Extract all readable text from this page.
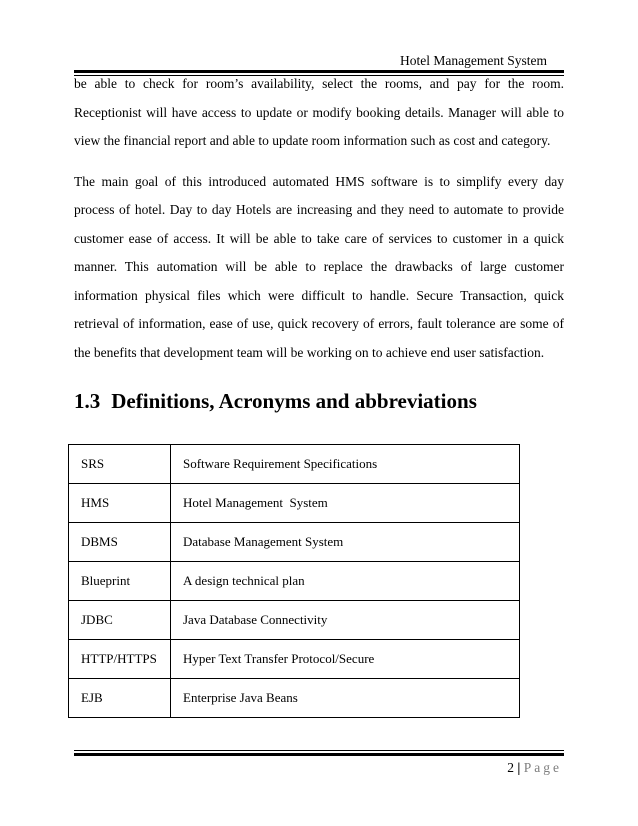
Hotel Management System

be able to check for room’s availability, select the rooms, and pay for the room. Receptionist will have access to update or modify booking details. Manager will able to view the financial report and able to update room information such as cost and category.

The main goal of this introduced automated HMS software is to simplify every day process of hotel. Day to day Hotels are increasing and they need to automate to provide customer ease of access. It will be able to take care of services to customer in a quick manner. This automation will be able to replace the drawbacks of large customer information physical files which were difficult to handle. Secure Transaction, quick retrieval of information, ease of use, quick recovery of errors, fault tolerance are some of the benefits that development team will be working on to achieve end user satisfaction.

1.3 Definitions, Acronyms and abbreviations
SRS	Software Requirement Specifications
HMS	Hotel Management  System
DBMS	Database Management System
Blueprint	A design technical plan
JDBC	Java Database Connectivity
HTTP/HTTPS	Hyper Text Transfer Protocol/Secure
EJB	Enterprise Java Beans
2 | Page
